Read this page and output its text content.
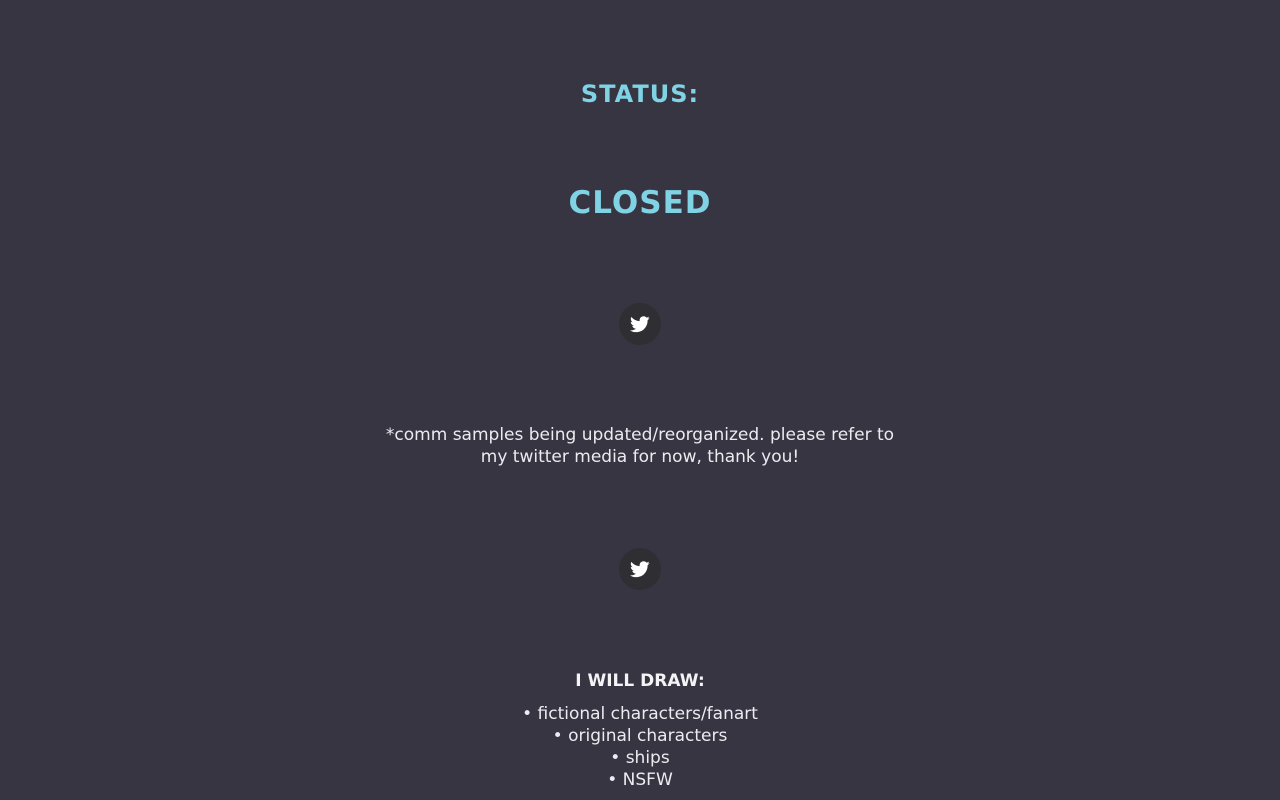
STATUS:
CLOSED

*comm samples being updated/reorganized. please refer to my twitter media for now, thank you!

I WILL DRAW:
• fictional characters/fanart
• original characters
• ships
• NSFW
